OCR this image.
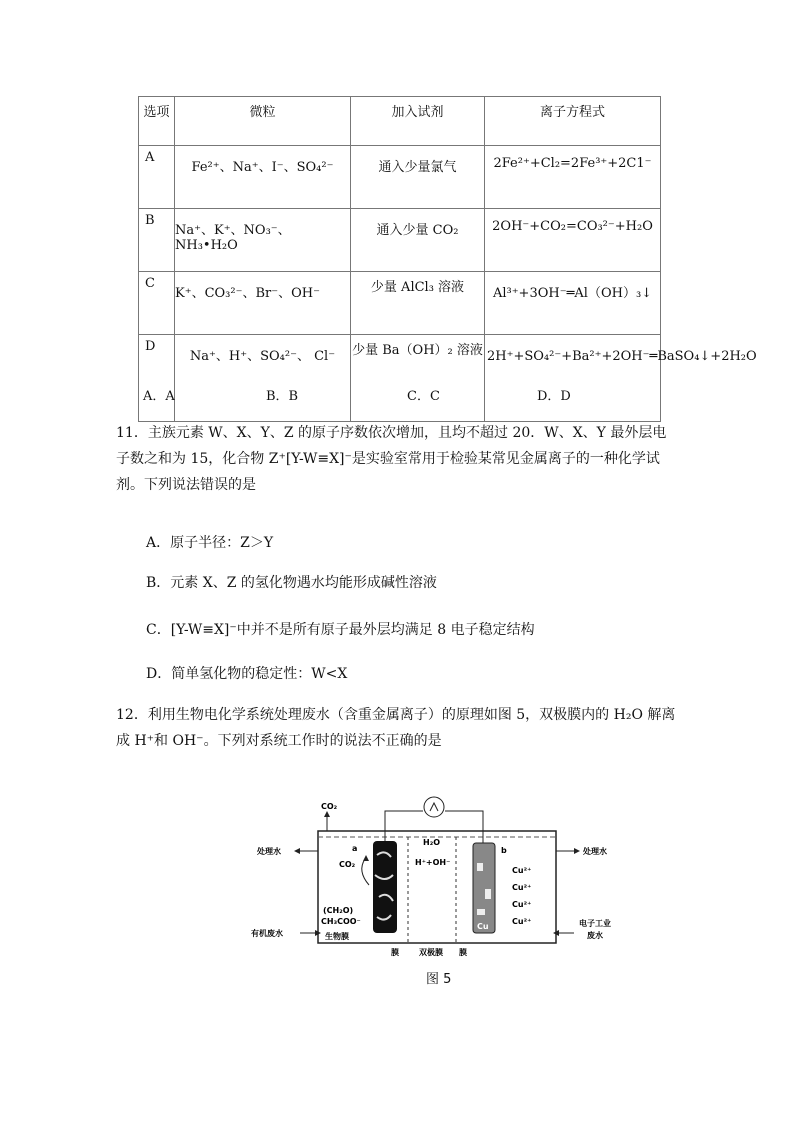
选项	微粒	加入试剂	离子方程式
A	Fe²⁺、Na⁺、I⁻、SO₄²⁻	通入少量氯气	2Fe²⁺+Cl₂=2Fe³⁺+2C1⁻
B	Na⁺、K⁺、NO₃⁻、NH₃•H₂O	通入少量 CO₂	2OH⁻+CO₂=CO₃²⁻+H₂O
C	K⁺、CO₃²⁻、Br⁻、OH⁻	少量 AlCl₃ 溶液	Al³⁺+3OH⁻═Al（OH）₃↓
D	Na⁺、H⁺、SO₄²⁻、 Cl⁻	少量 Ba（OH）₂ 溶液	2H⁺+SO₄²⁻+Ba²⁺+2OH⁻═BaSO₄↓+2H₂O
A．A	B．B	C．C	D．D
11．主族元素 W、X、Y、Z 的原子序数依次增加，且均不超过 20．W、X、Y 最外层电子数之和为 15，化合物 Z⁺[Y-W≡X]⁻是实验室常用于检验某常见金属离子的一种化学试剂。下列说法错误的是
A．原子半径：Z＞Y
B．元素 X、Z 的氢化物遇水均能形成碱性溶液
C．[Y-W≡X]⁻中并不是所有原子最外层均满足 8 电子稳定结构
D．简单氢化物的稳定性：W<X
12．利用生物电化学系统处理废水（含重金属离子）的原理如图 5，双极膜内的 H₂O 解离成 H⁺和 OH⁻。下列对系统工作时的说法不正确的是
CO₂
处理水	处理水
a	b
CO₂
(CH₂O)
CH₃COO⁻
生物膜
有机废水
H₂O
H⁺+OH⁻
Cu²⁺
Cu²⁺
Cu²⁺
Cu²⁺
Cu	电子工业
废水
膜	双极膜 膜
图 5
